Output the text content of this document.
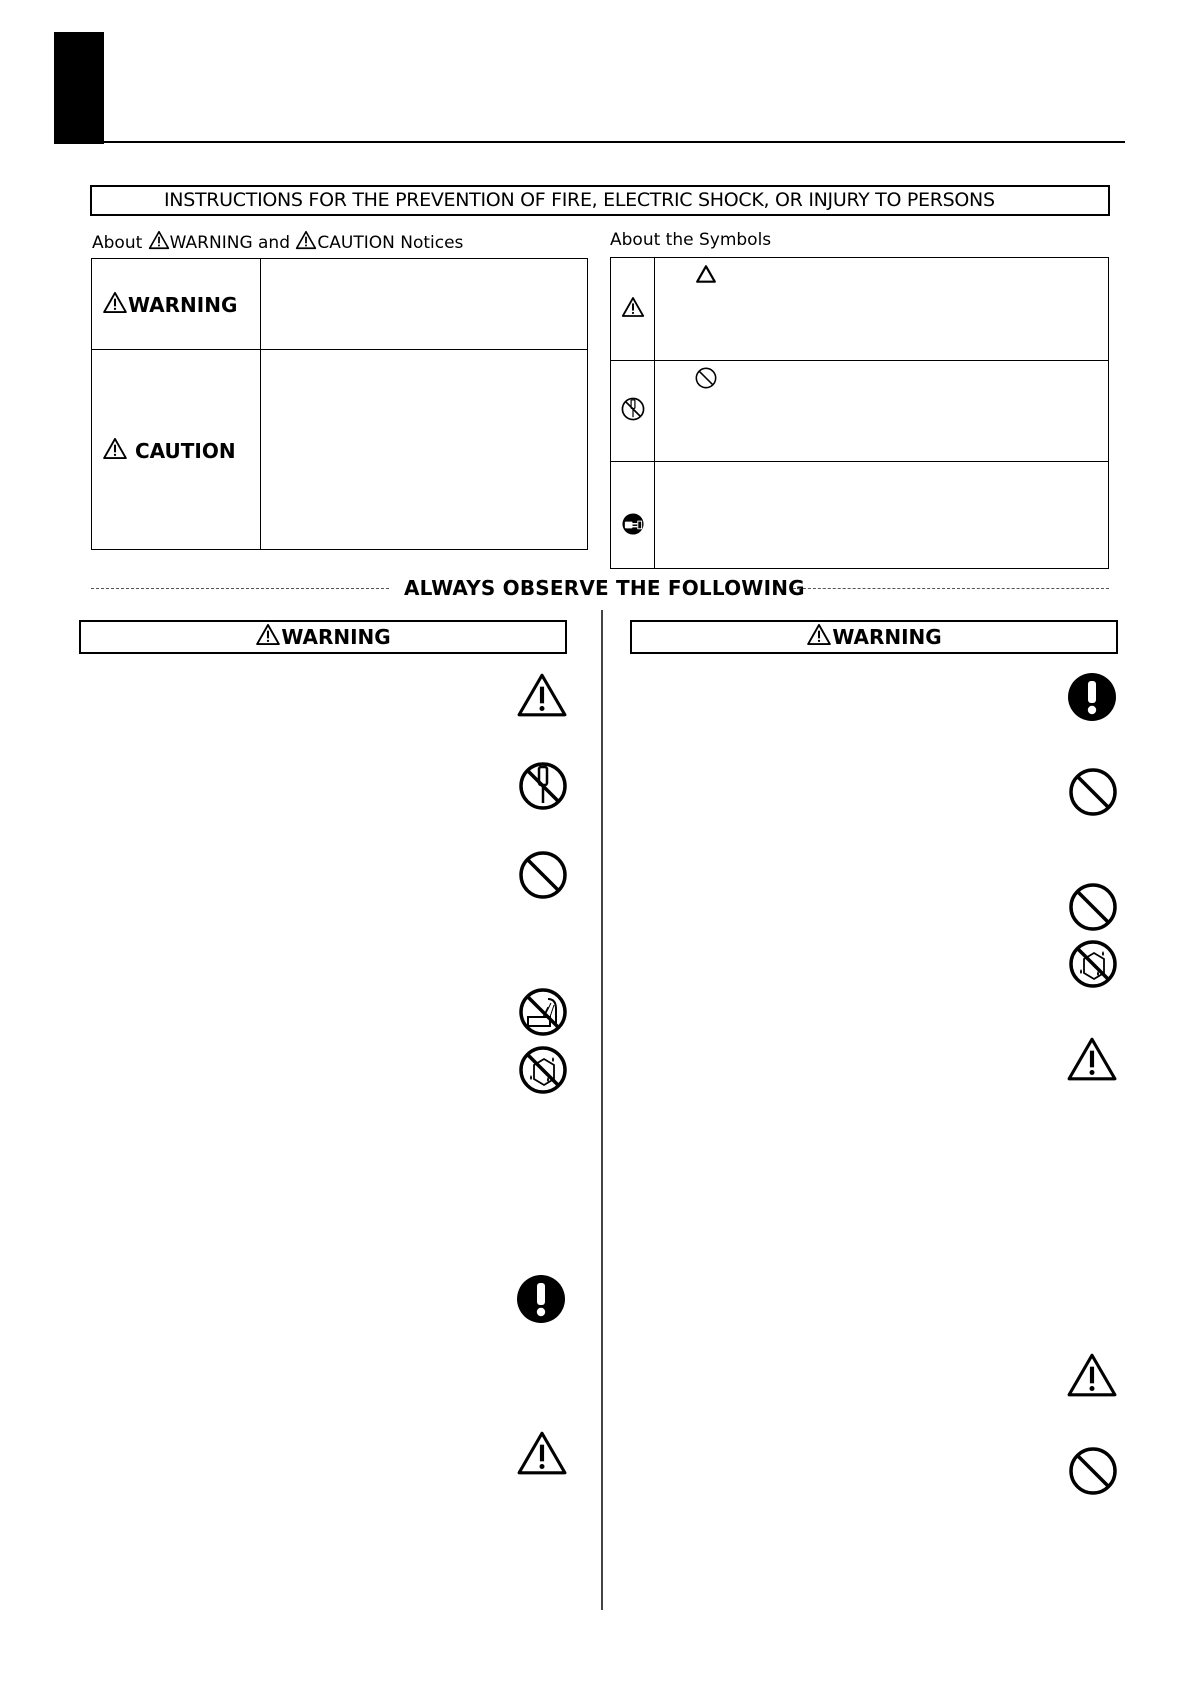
INSTRUCTIONS FOR THE PREVENTION OF FIRE, ELECTRIC SHOCK, OR INJURY TO PERSONS
About WARNING and CAUTION Notices
WARNING	
CAUTION	
About the Symbols

ALWAYS OBSERVE THE FOLLOWING
WARNING	WARNING
